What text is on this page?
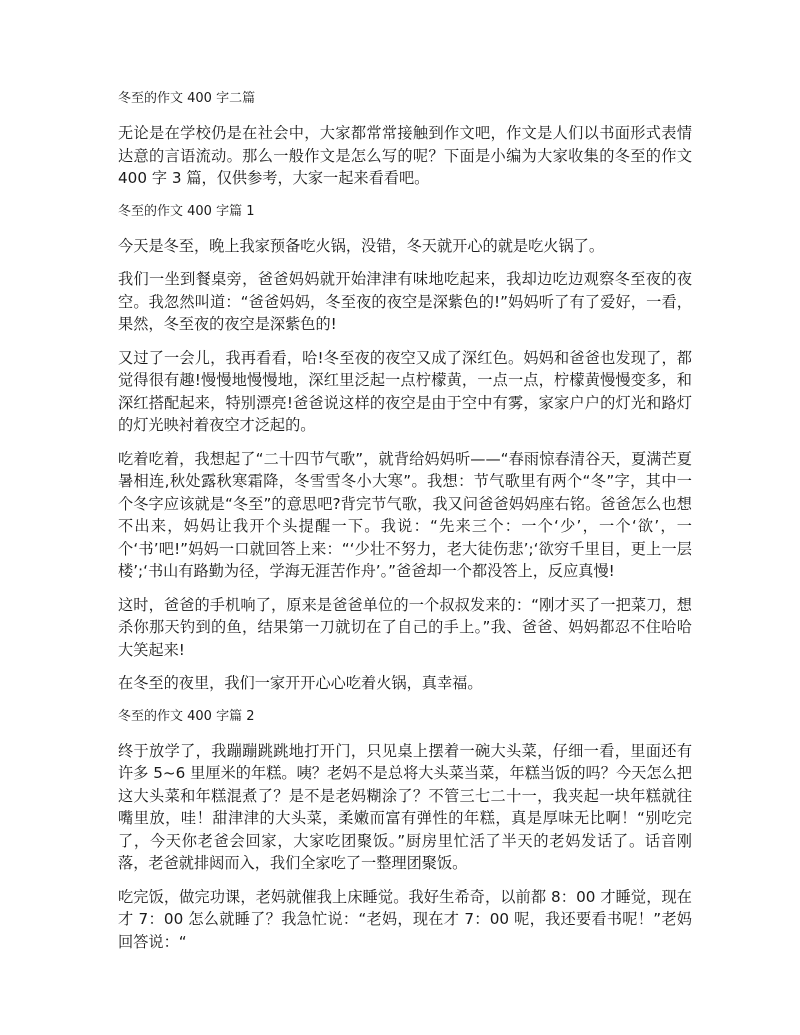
冬至的作文 400 字二篇

无论是在学校仍是在社会中，大家都常常接触到作文吧，作文是人们以书面形式表情达意的言语流动。那么一般作文是怎么写的呢？下面是小编为大家收集的冬至的作文 400 字 3 篇，仅供参考，大家一起来看看吧。

冬至的作文 400 字篇 1

今天是冬至，晚上我家预备吃火锅，没错，冬天就开心的就是吃火锅了。

我们一坐到餐桌旁，爸爸妈妈就开始津津有味地吃起来，我却边吃边观察冬至夜的夜空。我忽然叫道：“爸爸妈妈，冬至夜的夜空是深紫色的!”妈妈听了有了爱好，一看，果然，冬至夜的夜空是深紫色的!

又过了一会儿，我再看看，哈!冬至夜的夜空又成了深红色。妈妈和爸爸也发现了，都觉得很有趣!慢慢地慢慢地，深红里泛起一点柠檬黄，一点一点，柠檬黄慢慢变多，和深红搭配起来，特别漂亮!爸爸说这样的夜空是由于空中有雾，家家户户的灯光和路灯的灯光映衬着夜空才泛起的。

吃着吃着，我想起了“二十四节气歌”，就背给妈妈听——“春雨惊春清谷天，夏满芒夏暑相连,秋处露秋寒霜降，冬雪雪冬小大寒”。我想：节气歌里有两个“冬”字，其中一个冬字应该就是“冬至”的意思吧?背完节气歌，我又问爸爸妈妈座右铭。爸爸怎么也想不出来，妈妈让我开个头提醒一下。我说：“先来三个：一个‘少’，一个‘欲’，一个‘书’吧!”妈妈一口就回答上来：“‘少壮不努力，老大徒伤悲’;‘欲穷千里目，更上一层楼’;‘书山有路勤为径，学海无涯苦作舟’。”爸爸却一个都没答上，反应真慢!

这时，爸爸的手机响了，原来是爸爸单位的一个叔叔发来的：“刚才买了一把菜刀，想杀你那天钓到的鱼，结果第一刀就切在了自己的手上。”我、爸爸、妈妈都忍不住哈哈大笑起来!

在冬至的夜里，我们一家开开心心吃着火锅，真幸福。

冬至的作文 400 字篇 2

终于放学了，我蹦蹦跳跳地打开门，只见桌上摆着一碗大头菜，仔细一看，里面还有许多 5~6 里厘米的年糕。咦？老妈不是总将大头菜当菜，年糕当饭的吗？今天怎么把这大头菜和年糕混煮了？是不是老妈糊涂了？不管三七二十一，我夹起一块年糕就往嘴里放，哇！甜津津的大头菜，柔嫩而富有弹性的年糕，真是厚味无比啊！“别吃完了，今天你老爸会回家，大家吃团聚饭。”厨房里忙活了半天的老妈发话了。话音刚落，老爸就排闼而入，我们全家吃了一整理团聚饭。

吃完饭，做完功课，老妈就催我上床睡觉。我好生希奇，以前都 8：00 才睡觉，现在才 7：00 怎么就睡了？我急忙说：“老妈，现在才 7：00 呢，我还要看书呢！”老妈回答说：“
